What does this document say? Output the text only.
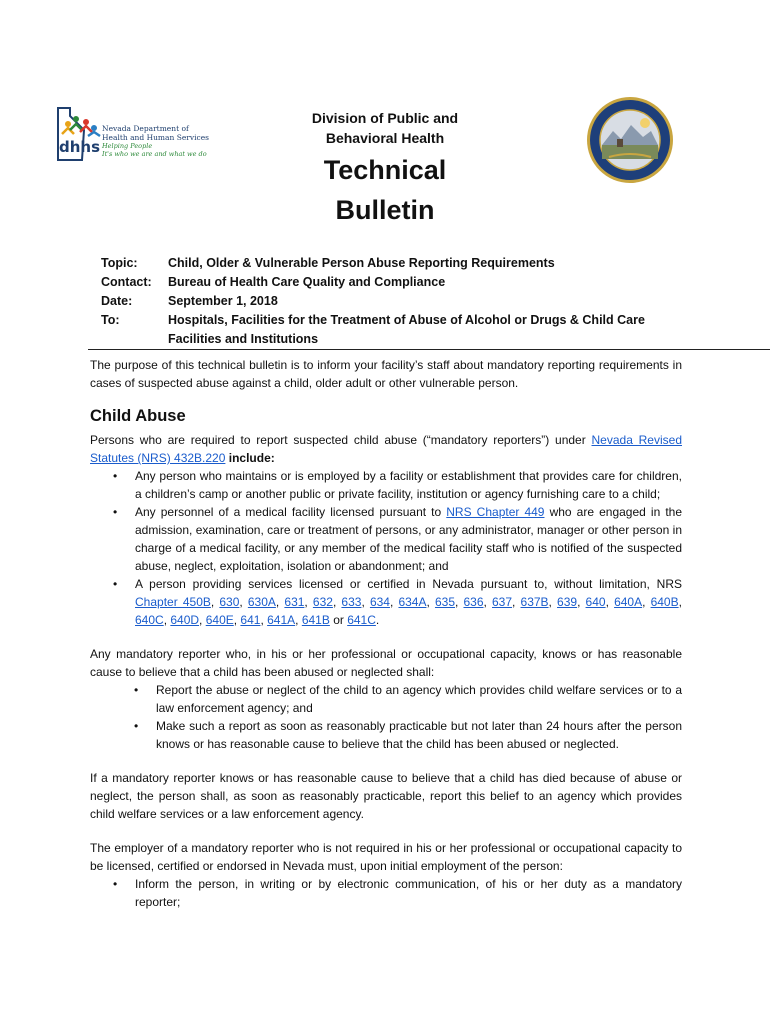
dhhs
Nevada Department of
Health and Human Services
Helping People
It's who we are and what we do
Division of Public and
Behavioral Health
Technical
Bulletin
Topic:	Child, Older & Vulnerable Person Abuse Reporting Requirements
Contact:	Bureau of Health Care Quality and Compliance
Date:	September 1, 2018
To:	Hospitals, Facilities for the Treatment of Abuse of Alcohol or Drugs & Child Care Facilities and Institutions

The purpose of this technical bulletin is to inform your facility’s staff about mandatory reporting requirements in cases of suspected abuse against a child, older adult or other vulnerable person.

Child Abuse

Persons who are required to report suspected child abuse (“mandatory reporters”) under Nevada Revised Statutes (NRS) 432B.220 include:

• Any person who maintains or is employed by a facility or establishment that provides care for children, a children’s camp or another public or private facility, institution or agency furnishing care to a child;
• Any personnel of a medical facility licensed pursuant to NRS Chapter 449 who are engaged in the admission, examination, care or treatment of persons, or any administrator, manager or other person in charge of a medical facility, or any member of the medical facility staff who is notified of the suspected abuse, neglect, exploitation, isolation or abandonment; and
• A person providing services licensed or certified in Nevada pursuant to, without limitation, NRS Chapter 450B, 630, 630A, 631, 632, 633, 634, 634A, 635, 636, 637, 637B, 639, 640, 640A, 640B, 640C, 640D, 640E, 641, 641A, 641B or 641C.

Any mandatory reporter who, in his or her professional or occupational capacity, knows or has reasonable cause to believe that a child has been abused or neglected shall:

• Report the abuse or neglect of the child to an agency which provides child welfare services or to a law enforcement agency; and
• Make such a report as soon as reasonably practicable but not later than 24 hours after the person knows or has reasonable cause to believe that the child has been abused or neglected.

If a mandatory reporter knows or has reasonable cause to believe that a child has died because of abuse or neglect, the person shall, as soon as reasonably practicable, report this belief to an agency which provides child welfare services or a law enforcement agency.

The employer of a mandatory reporter who is not required in his or her professional or occupational capacity to be licensed, certified or endorsed in Nevada must, upon initial employment of the person:

• Inform the person, in writing or by electronic communication, of his or her duty as a mandatory reporter;
